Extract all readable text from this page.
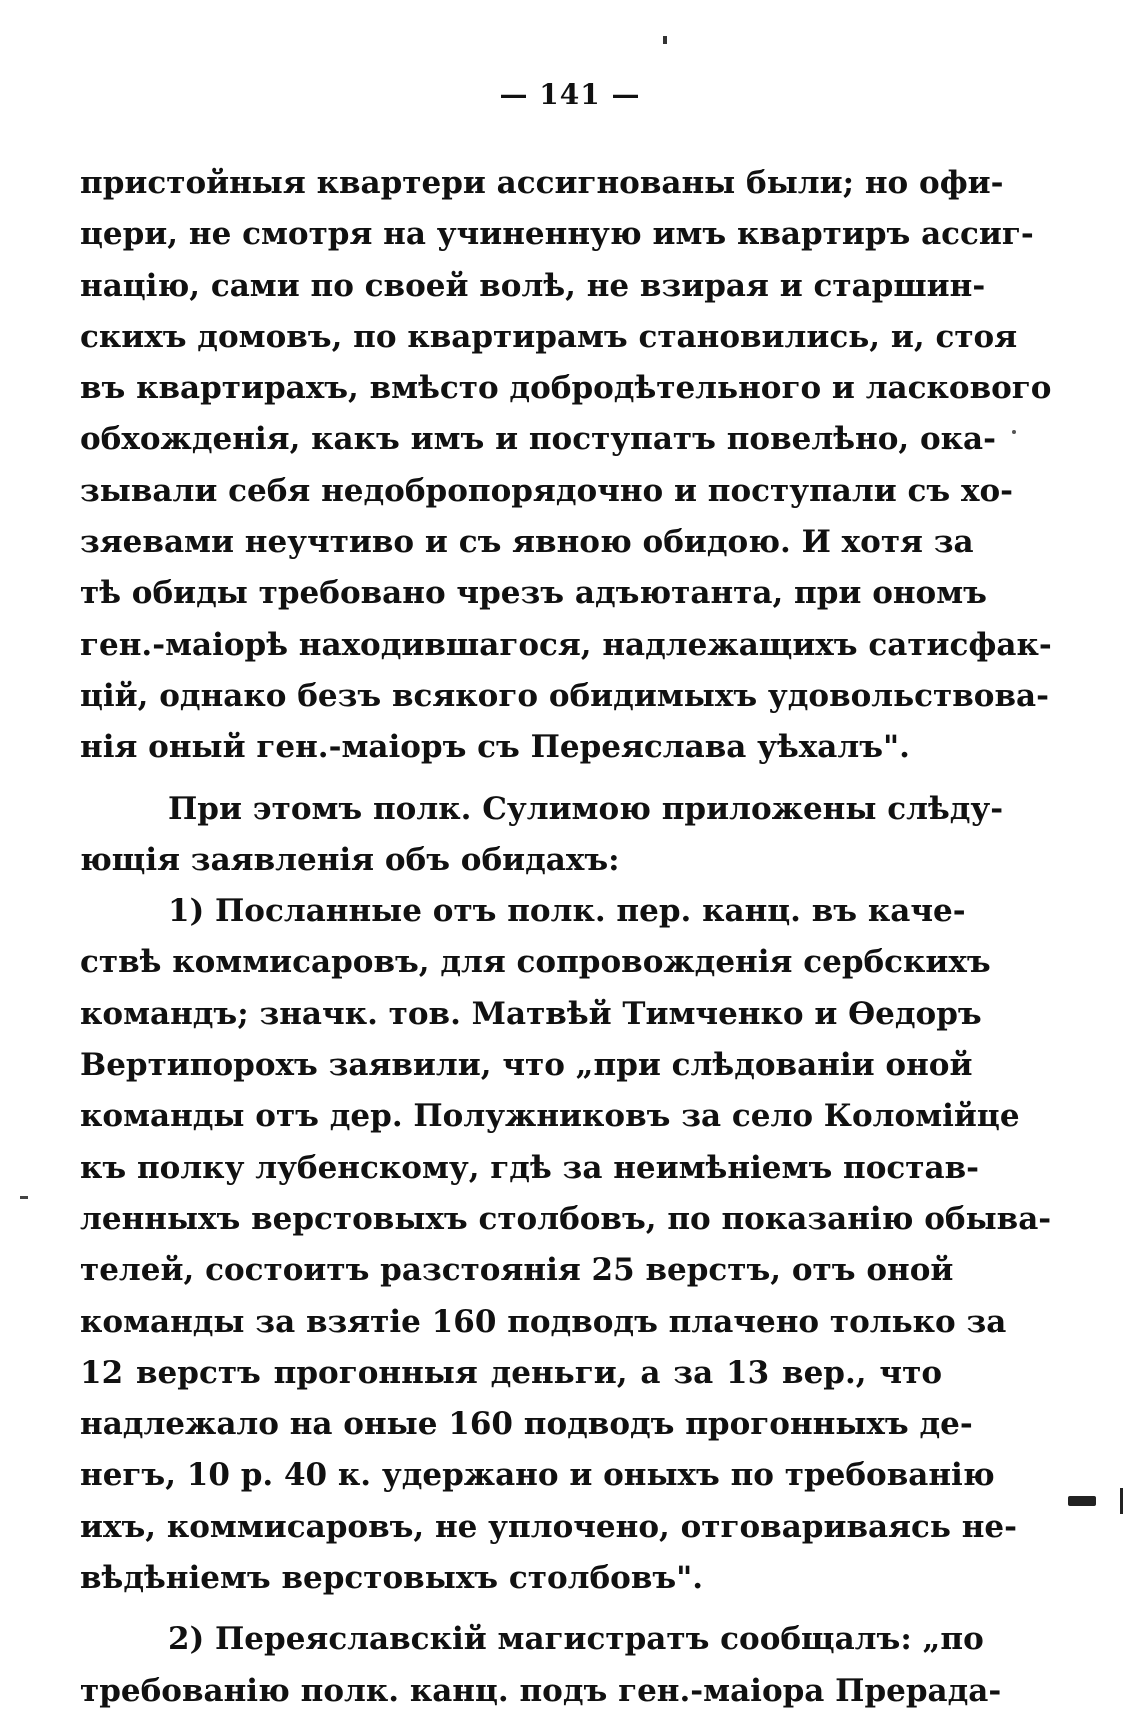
— 141 —
пристойныя квартери ассигнованы были; но офи-
цери, не смотря на учиненную имъ квартиръ ассиг-
націю, сами по своей волѣ, не взирая и старшин-
скихъ домовъ, по квартирамъ становились, и, стоя
въ квартирахъ, вмѣсто добродѣтельного и ласкового
обхожденія, какъ имъ и поступатъ повелѣно, ока-
зывали себя недобропорядочно и поступали съ хо-
зяевами неучтиво и съ явною обидою. И хотя за
тѣ обиды требовано чрезъ адъютанта, при ономъ
ген.-маіорѣ находившагося, надлежащихъ сатисфак-
цій, однако безъ всякого обидимыхъ удовольствова-
нія оный ген.-маіоръ съ Переяслава уѣхалъ".
При этомъ полк. Сулимою приложены слѣду-
ющія заявленія объ обидахъ:
1) Посланные отъ полк. пер. канц. въ каче-
ствѣ коммисаровъ, для сопровожденія сербскихъ
командъ; значк. тов. Матвѣй Тимченко и Өедоръ
Вертипорохъ заявили, что „при слѣдованіи оной
команды отъ дер. Полужниковъ за село Коломійце
къ полку лубенскому, гдѣ за неимѣніемъ постав-
ленныхъ верстовыхъ столбовъ, по показанію обыва-
телей, состоитъ разстоянія 25 верстъ, отъ оной
команды за взятіе 160 подводъ плачено только за
12 верстъ прогонныя деньги, а за 13 вер., что
надлежало на оные 160 подводъ прогонныхъ де-
негъ, 10 р. 40 к. удержано и оныхъ по требованію
ихъ, коммисаровъ, не уплочено, отговариваясь не-
вѣдѣніемъ верстовыхъ столбовъ".
2) Переяславскій магистратъ сообщалъ: „по
требованію полк. канц. подъ ген.-маіора Прерада-
